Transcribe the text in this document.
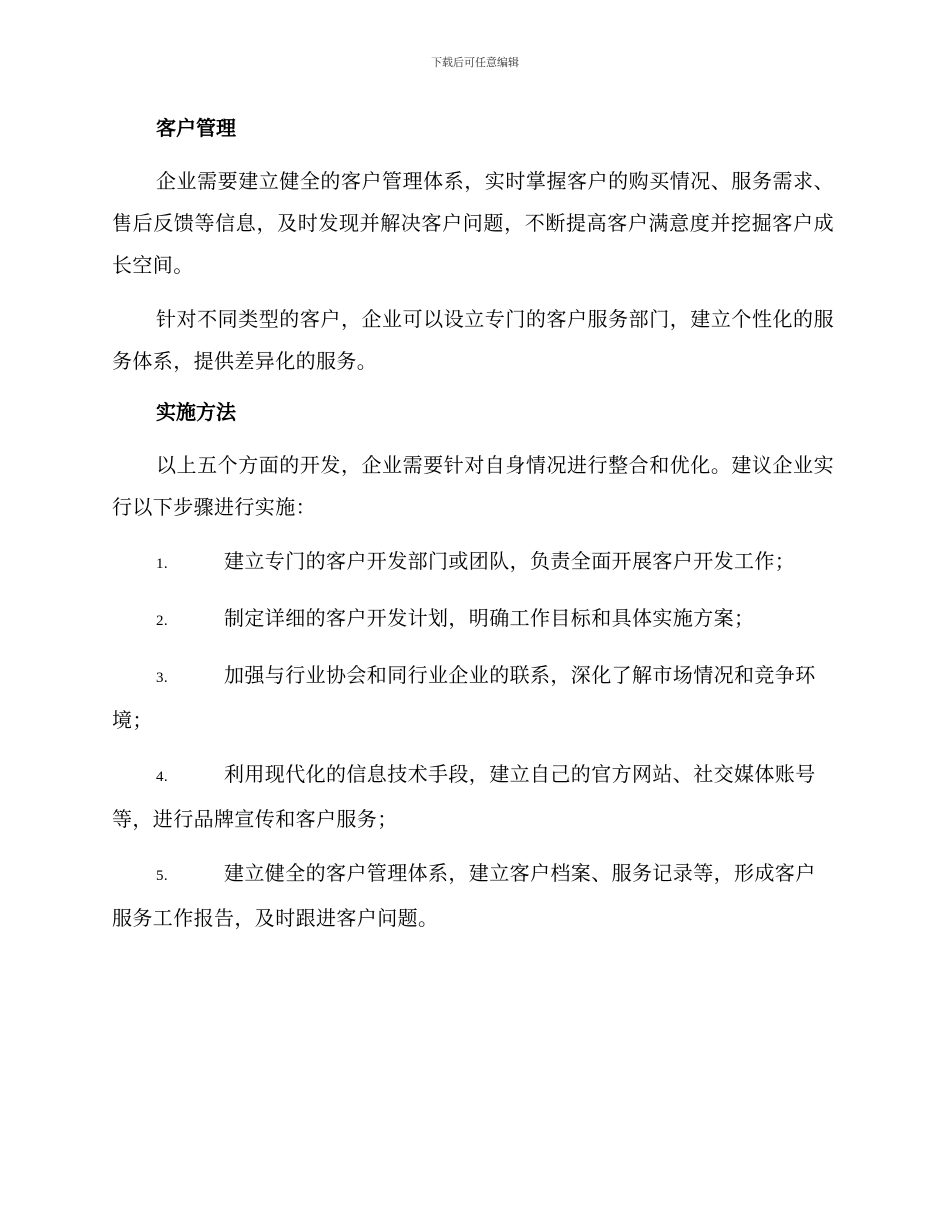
下载后可任意编辑
客户管理

企业需要建立健全的客户管理体系，实时掌握客户的购买情况、服务需求、售后反馈等信息，及时发现并解决客户问题，不断提高客户满意度并挖掘客户成长空间。

针对不同类型的客户，企业可以设立专门的客户服务部门，建立个性化的服务体系，提供差异化的服务。

实施方法

以上五个方面的开发，企业需要针对自身情况进行整合和优化。建议企业实行以下步骤进行实施：

1.	建立专门的客户开发部门或团队，负责全面开展客户开发工作；

2.	制定详细的客户开发计划，明确工作目标和具体实施方案；

3.	加强与行业协会和同行业企业的联系，深化了解市场情况和竞争环境；

4.	利用现代化的信息技术手段，建立自己的官方网站、社交媒体账号等，进行品牌宣传和客户服务；

5.	建立健全的客户管理体系，建立客户档案、服务记录等，形成客户服务工作报告，及时跟进客户问题。
